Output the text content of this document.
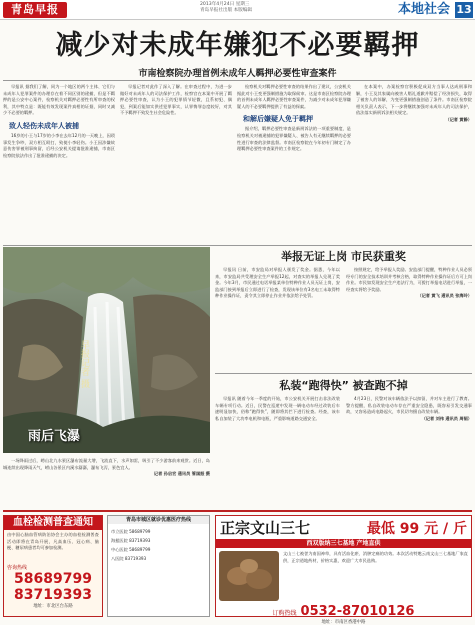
青岛早报	2013年4月24日 星期三
青岛早报社出版 本版编辑	本地社会 13
减少对未成年嫌犯不必要羁押
市南检察院办理首例未成年人羁押必要性审查案件

早报讯 据我们了解，同为一个地区的两个主体、它们与未成年人犯罪案件的办理存在着不同区别的逮捕，但是不羁押的是公安中心案件，检察机关对羁押必要性有所审查的权利，其中特点是：既能有效发现案件真相的证据，同时又减少不必要的羁押。

致人轻伤未成年人被捕

16岁的小王与17岁的小李在去年12月的一天晚上，因琐事发生争吵，双方相互殴打，致使小李轻伤。小王因涉嫌故意伤害罪被刑事拘留，后经公安机关提请批准逮捕，市南区检察院依法作出了批准逮捕的决定。

早报记者对此作了深入了解。在审查过程中，为进一步做好对未成年人的司法保护工作，检察官在本案中开展了羁押必要性审查，认为小王的犯罪情节轻微，且系初犯、偶犯，到案后能如实供述犯罪事实，认罪悔罪态度较好，对其不予羁押不致发生社会危险性。

检察机关对羁押必要性审查的结果作出了建议，公安机关据此对小王变更强制措施为取保候审。这是市南区检察院办理的首例未成年人羁押必要性审查案件，为减少对未成年犯罪嫌疑人的不必要羁押提供了有益的探索。

和解后嫌疑人免于羁押

据介绍，羁押必要性审查是新刑诉法的一项重要制度，是检察机关对被逮捕的犯罪嫌疑人、被告人有无继续羁押的必要性进行审查的法律监督。市南区检察院在今年初专门制定了办理羁押必要性审查案件的工作规定。

在本案中，办案检察官积极促成双方当事人达成刑事和解，小王及其家属向被害人赔礼道歉并赔偿了经济损失，取得了被害人的谅解，为变更强制措施创造了条件。市南区检察院相关负责人表示，下一步将继续加强对未成年人的司法保护，依法落实新刑诉法相关规定。

（记者 黄静）
早报记者 摄
雨后飞瀑

一场降雨过后，崂山北九水景区瀑布流量大增，飞流直下，水声如雷，吸引了不少游客前来观赏。近日，岛城连续出现降雨天气，崂山各景区内溪水潺潺，瀑布飞泻，景色宜人。

记者 孙启宏 通讯员 管国振 摄
举报无证上岗 市民获重奖

早报讯 日前，市安监局对举报人颁发了奖金。据悉，今年以来，市安监局共受理安全生产举报12起，对查实的举报人兑现了奖金。今年3月，市民通过电话举报某单位特种作业人员无证上岗，安监部门接到举报后立即进行了检查，发现该单位有3名电工未取得特种作业操作证，责令其立即停止作业并依法给予处罚。

按照规定，给予举报人奖励。安监部门提醒，特种作业人员必须经专门的安全技术培训并考核合格，取得特种作业操作证后方可上岗作业。市民如发现安全生产违法行为，可拨打举报电话进行举报，一经查实将给予奖励。

（记者 黄飞 通讯员 张海玲）
私装“跑得快” 被查跑不掉

早报讯 随着今年一季度的开始，市公安机关开展打击非法改装车辆专项行动。近日，民警在巡逻中发现一辆电动车经过改装后车速明显加快，俗称“跑得快”，随即将其拦下进行检查。经查，该车私自加装了大功率电机和电瓶，严重影响道路交通安全。

4月23日，民警对该车辆依法予以扣留，并对车主进行了教育。警方提醒，私自改装电动车存在严重安全隐患，既容易引发交通事故，又容易造成电路起火，市民切勿擅自改装车辆。

（记者 刘伟 通讯员 周韬）
血栓检测普查通知
由中国心脑血管病防治协会主办的血栓检测普查活动即将在青岛开展，凡高血压、冠心病、脑梗、糖尿病患者均可参加检测。
咨询热线
58689799
83719393
地址：市北区台东路
青岛市城区就诊优惠医疗热线
市立医院 58689799
海慈医院 83719393
中心医院 58689799
八医院 83719393
正宗文山三七	最低 99 元 / 斤
西双版纳三七基地 产地直供
文山三七被誉为南国神草，具有活血化瘀、消肿定痛的功效。本次活动特邀云南文山三七基地厂家直供，正宗道地药材，价格实惠，欢迎广大市民选购。
订购热线 0532-87010126
地址：市南区香港中路
